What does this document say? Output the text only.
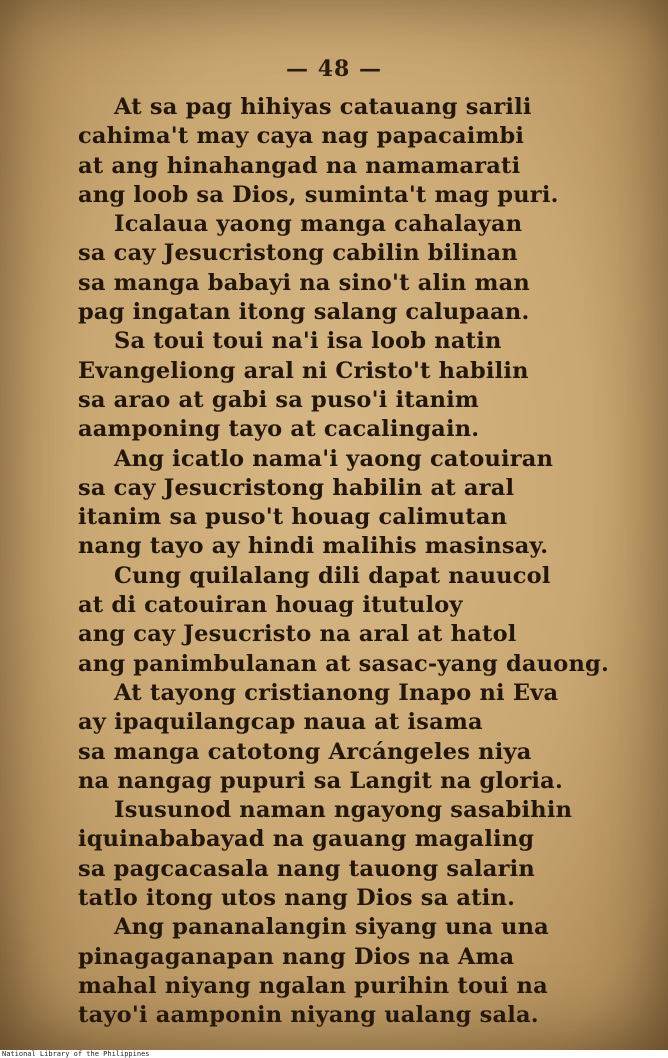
— 48 —
At sa pag hihiyas catauang sarili
cahima't may caya nag papacaimbi
at ang hinahangad na namamarati
ang loob sa Dios, suminta't mag puri.
Icalaua yaong manga cahalayan
sa cay Jesucristong cabilin bilinan
sa manga babayi na sino't alin man
pag ingatan itong salang calupaan.
Sa toui toui na'i isa loob natin
Evangeliong aral ni Cristo't habilin
sa arao at gabi sa puso'i itanim
aamponing tayo at cacalingain.
Ang icatlo nama'i yaong catouiran
sa cay Jesucristong habilin at aral
itanim sa puso't houag calimutan
nang tayo ay hindi malihis masinsay.
Cung quilalang dili dapat nauucol
at di catouiran houag itutuloy
ang cay Jesucristo na aral at hatol
ang panimbulanan at sasac-yang dauong.
At tayong cristianong Inapo ni Eva
ay ipaquilangcap naua at isama
sa manga catotong Arcángeles niya
na nangag pupuri sa Langit na gloria.
Isusunod naman ngayong sasabihin
iquinababayad na gauang magaling
sa pagcacasala nang tauong salarin
tatlo itong utos nang Dios sa atin.
Ang pananalangin siyang una una
pinagaganapan nang Dios na Ama
mahal niyang ngalan purihin toui na
tayo'i aamponin niyang ualang sala.
National Library of the Philippines
